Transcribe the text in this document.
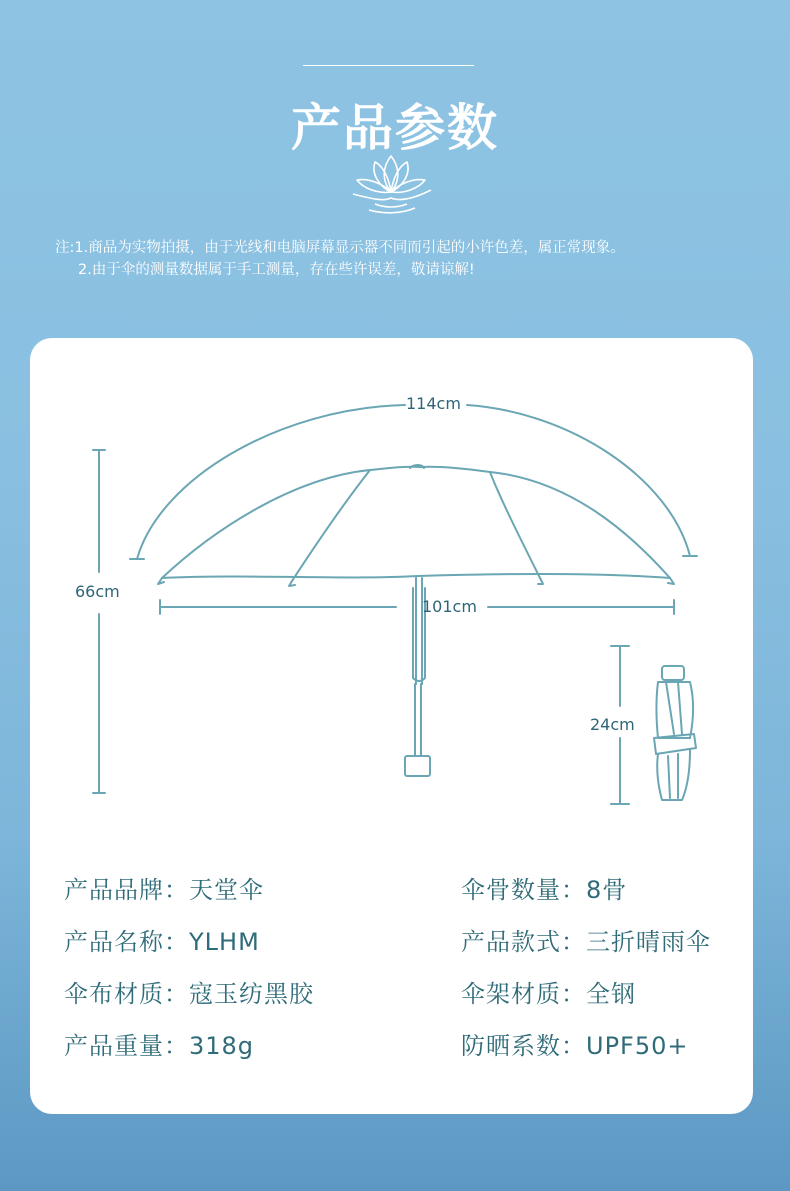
产品参数
注:1.商品为实物拍摄，由于光线和电脑屏幕显示器不同而引起的小许色差，属正常现象。
2.由于伞的测量数据属于手工测量，存在些许误差，敬请谅解!
114cm
66cm
101cm
24cm
产品品牌：天堂伞
产品名称：YLHM
伞布材质：寇玉纺黑胶
产品重量：318g
伞骨数量：8骨
产品款式：三折晴雨伞
伞架材质：全钢
防晒系数：UPF50+
